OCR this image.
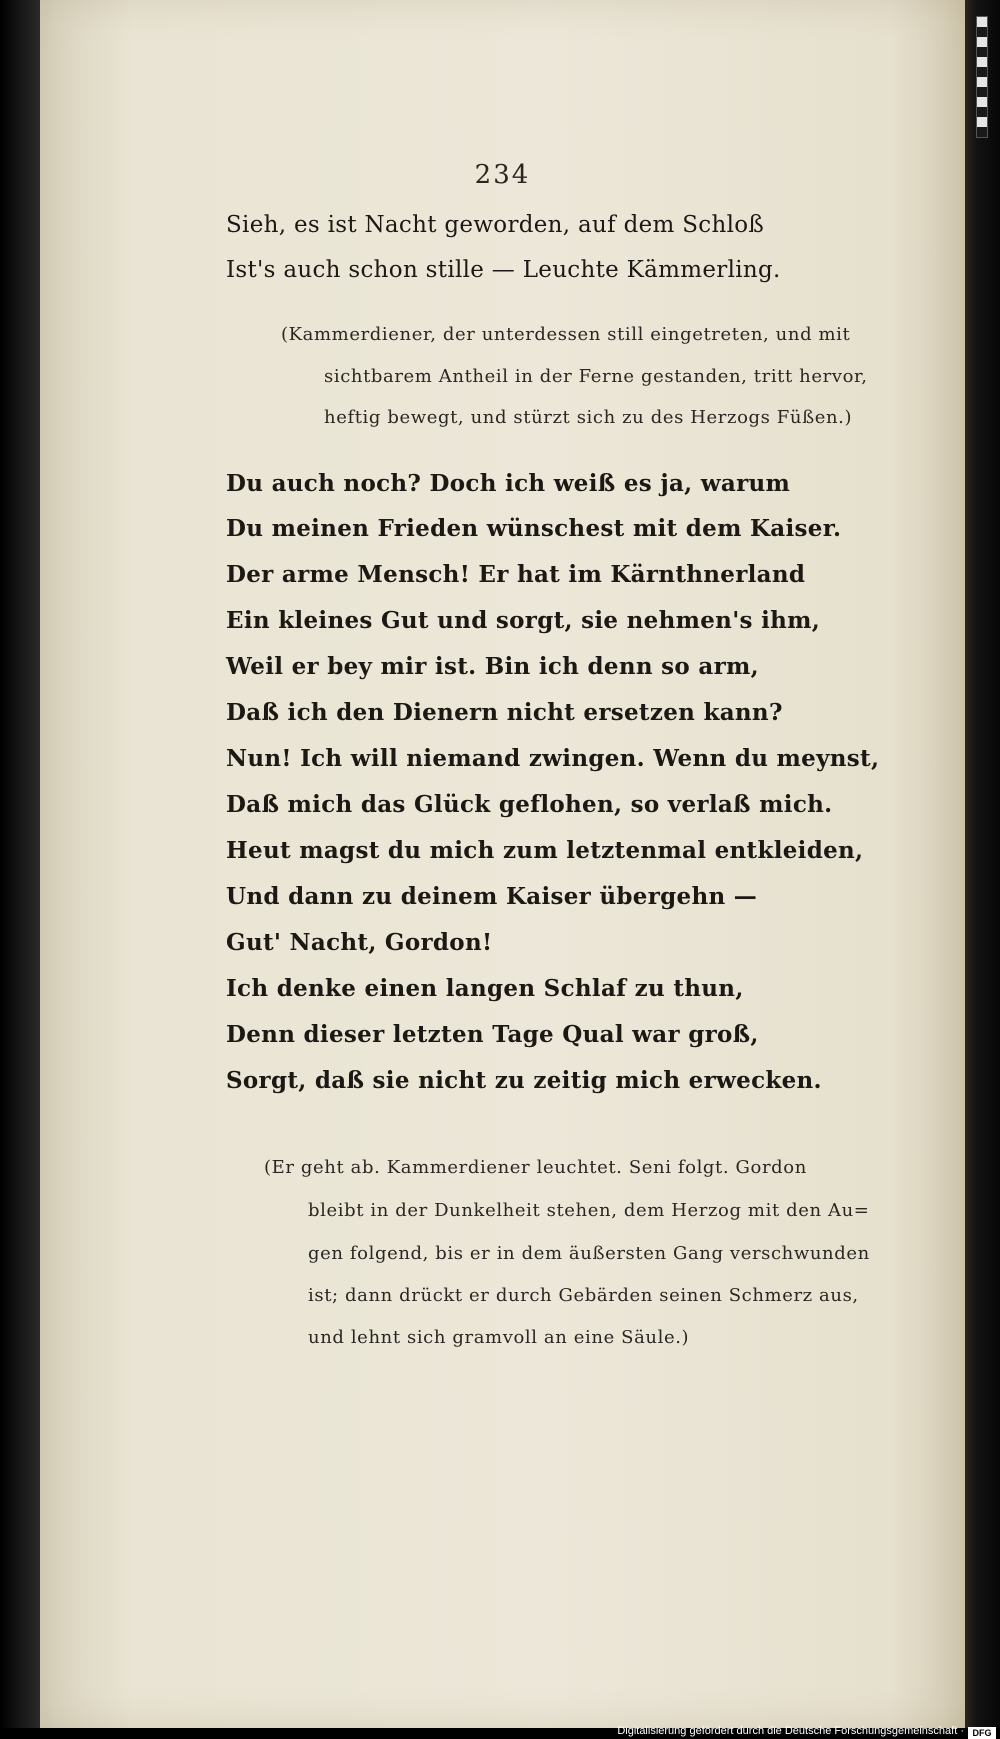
234
Sieh, es ist Nacht geworden, auf dem Schloß
Ist's auch schon stille — Leuchte Kämmerling.
(Kammerdiener, der unterdessen still eingetreten, und mit
sichtbarem Antheil in der Ferne gestanden, tritt hervor,
heftig bewegt, und stürzt sich zu des Herzogs Füßen.)
Du auch noch? Doch ich weiß es ja, warum
Du meinen Frieden wünschest mit dem Kaiser.
Der arme Mensch! Er hat im Kärnthnerland
Ein kleines Gut und sorgt, sie nehmen's ihm,
Weil er bey mir ist. Bin ich denn so arm,
Daß ich den Dienern nicht ersetzen kann?
Nun! Ich will niemand zwingen. Wenn du meynst,
Daß mich das Glück geflohen, so verlaß mich.
Heut magst du mich zum letztenmal entkleiden,
Und dann zu deinem Kaiser übergehn —
Gut' Nacht, Gordon!
Ich denke einen langen Schlaf zu thun,
Denn dieser letzten Tage Qual war groß,
Sorgt, daß sie nicht zu zeitig mich erwecken.
(Er geht ab. Kammerdiener leuchtet. Seni folgt. Gordon
bleibt in der Dunkelheit stehen, dem Herzog mit den Au=
gen folgend, bis er in dem äußersten Gang verschwunden
ist; dann drückt er durch Gebärden seinen Schmerz aus,
und lehnt sich gramvoll an eine Säule.)
Digitalisierung gefördert durch die Deutsche Forschungsgemeinschaft · DFG
